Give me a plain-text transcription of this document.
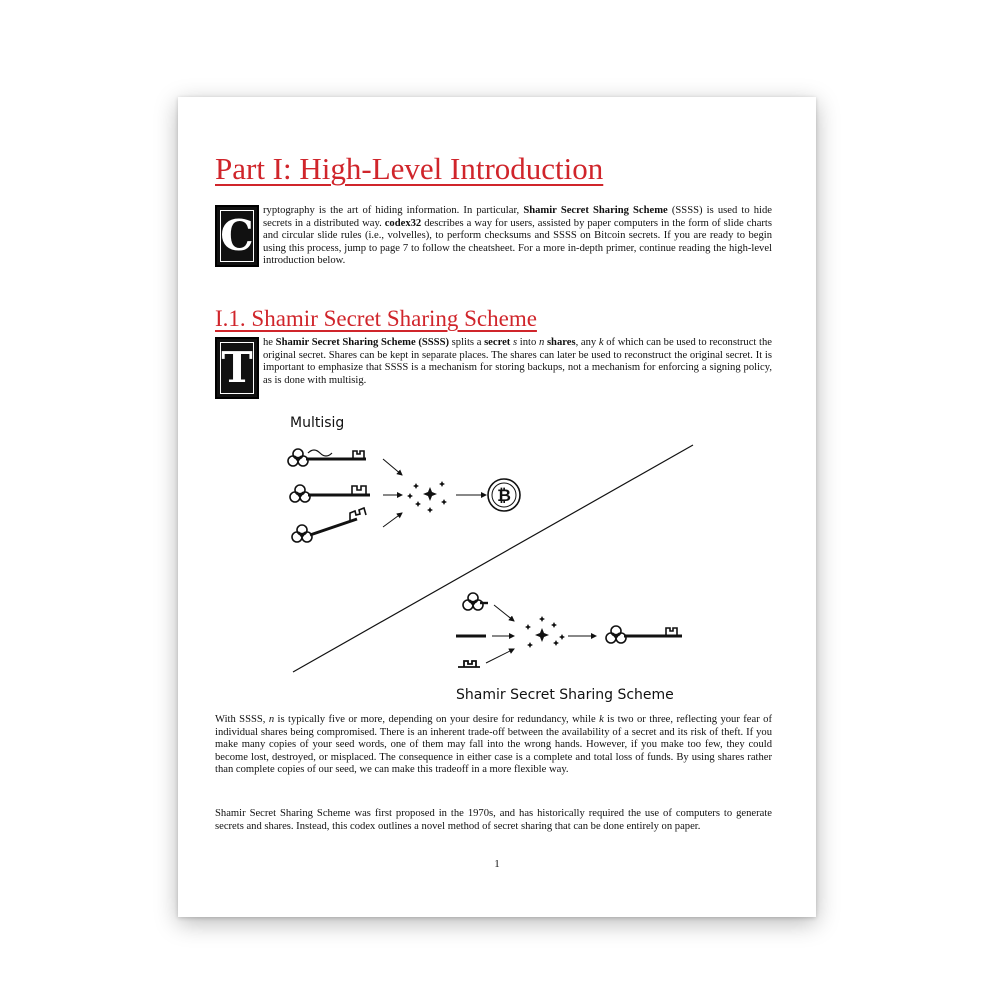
Part I: High-Level Introduction

C
ryptography is the art of hiding information. In particular, Shamir Secret Sharing Scheme (SSSS) is used to hide secrets in a distributed way. codex32 describes a way for users, assisted by paper computers in the form of slide charts and circular slide rules (i.e., volvelles), to perform checksums and SSSS on Bitcoin secrets. If you are ready to begin using this process, jump to page 7 to follow the cheatsheet. For a more in-depth primer, continue reading the high-level introduction below.

I.1. Shamir Secret Sharing Scheme

T
he Shamir Secret Sharing Scheme (SSSS) splits a secret s into n shares, any k of which can be used to reconstruct the original secret. Shares can be kept in separate places. The shares can later be used to reconstruct the original secret. It is important to emphasize that SSSS is a mechanism for storing backups, not a mechanism for enforcing a signing policy, as is done with multisig.

Multisig
₿
Shamir Secret Sharing Scheme

With SSSS, n is typically five or more, depending on your desire for redundancy, while k is two or three, reflecting your fear of individual shares being compromised. There is an inherent trade-off between the availability of a secret and its risk of theft. If you make many copies of your seed words, one of them may fall into the wrong hands. However, if you make too few, they could become lost, destroyed, or misplaced. The consequence in either case is a complete and total loss of funds. By using shares rather than complete copies of our seed, we can make this tradeoff in a more flexible way.

Shamir Secret Sharing Scheme was first proposed in the 1970s, and has historically required the use of computers to generate secrets and shares. Instead, this codex outlines a novel method of secret sharing that can be done entirely on paper.

1
